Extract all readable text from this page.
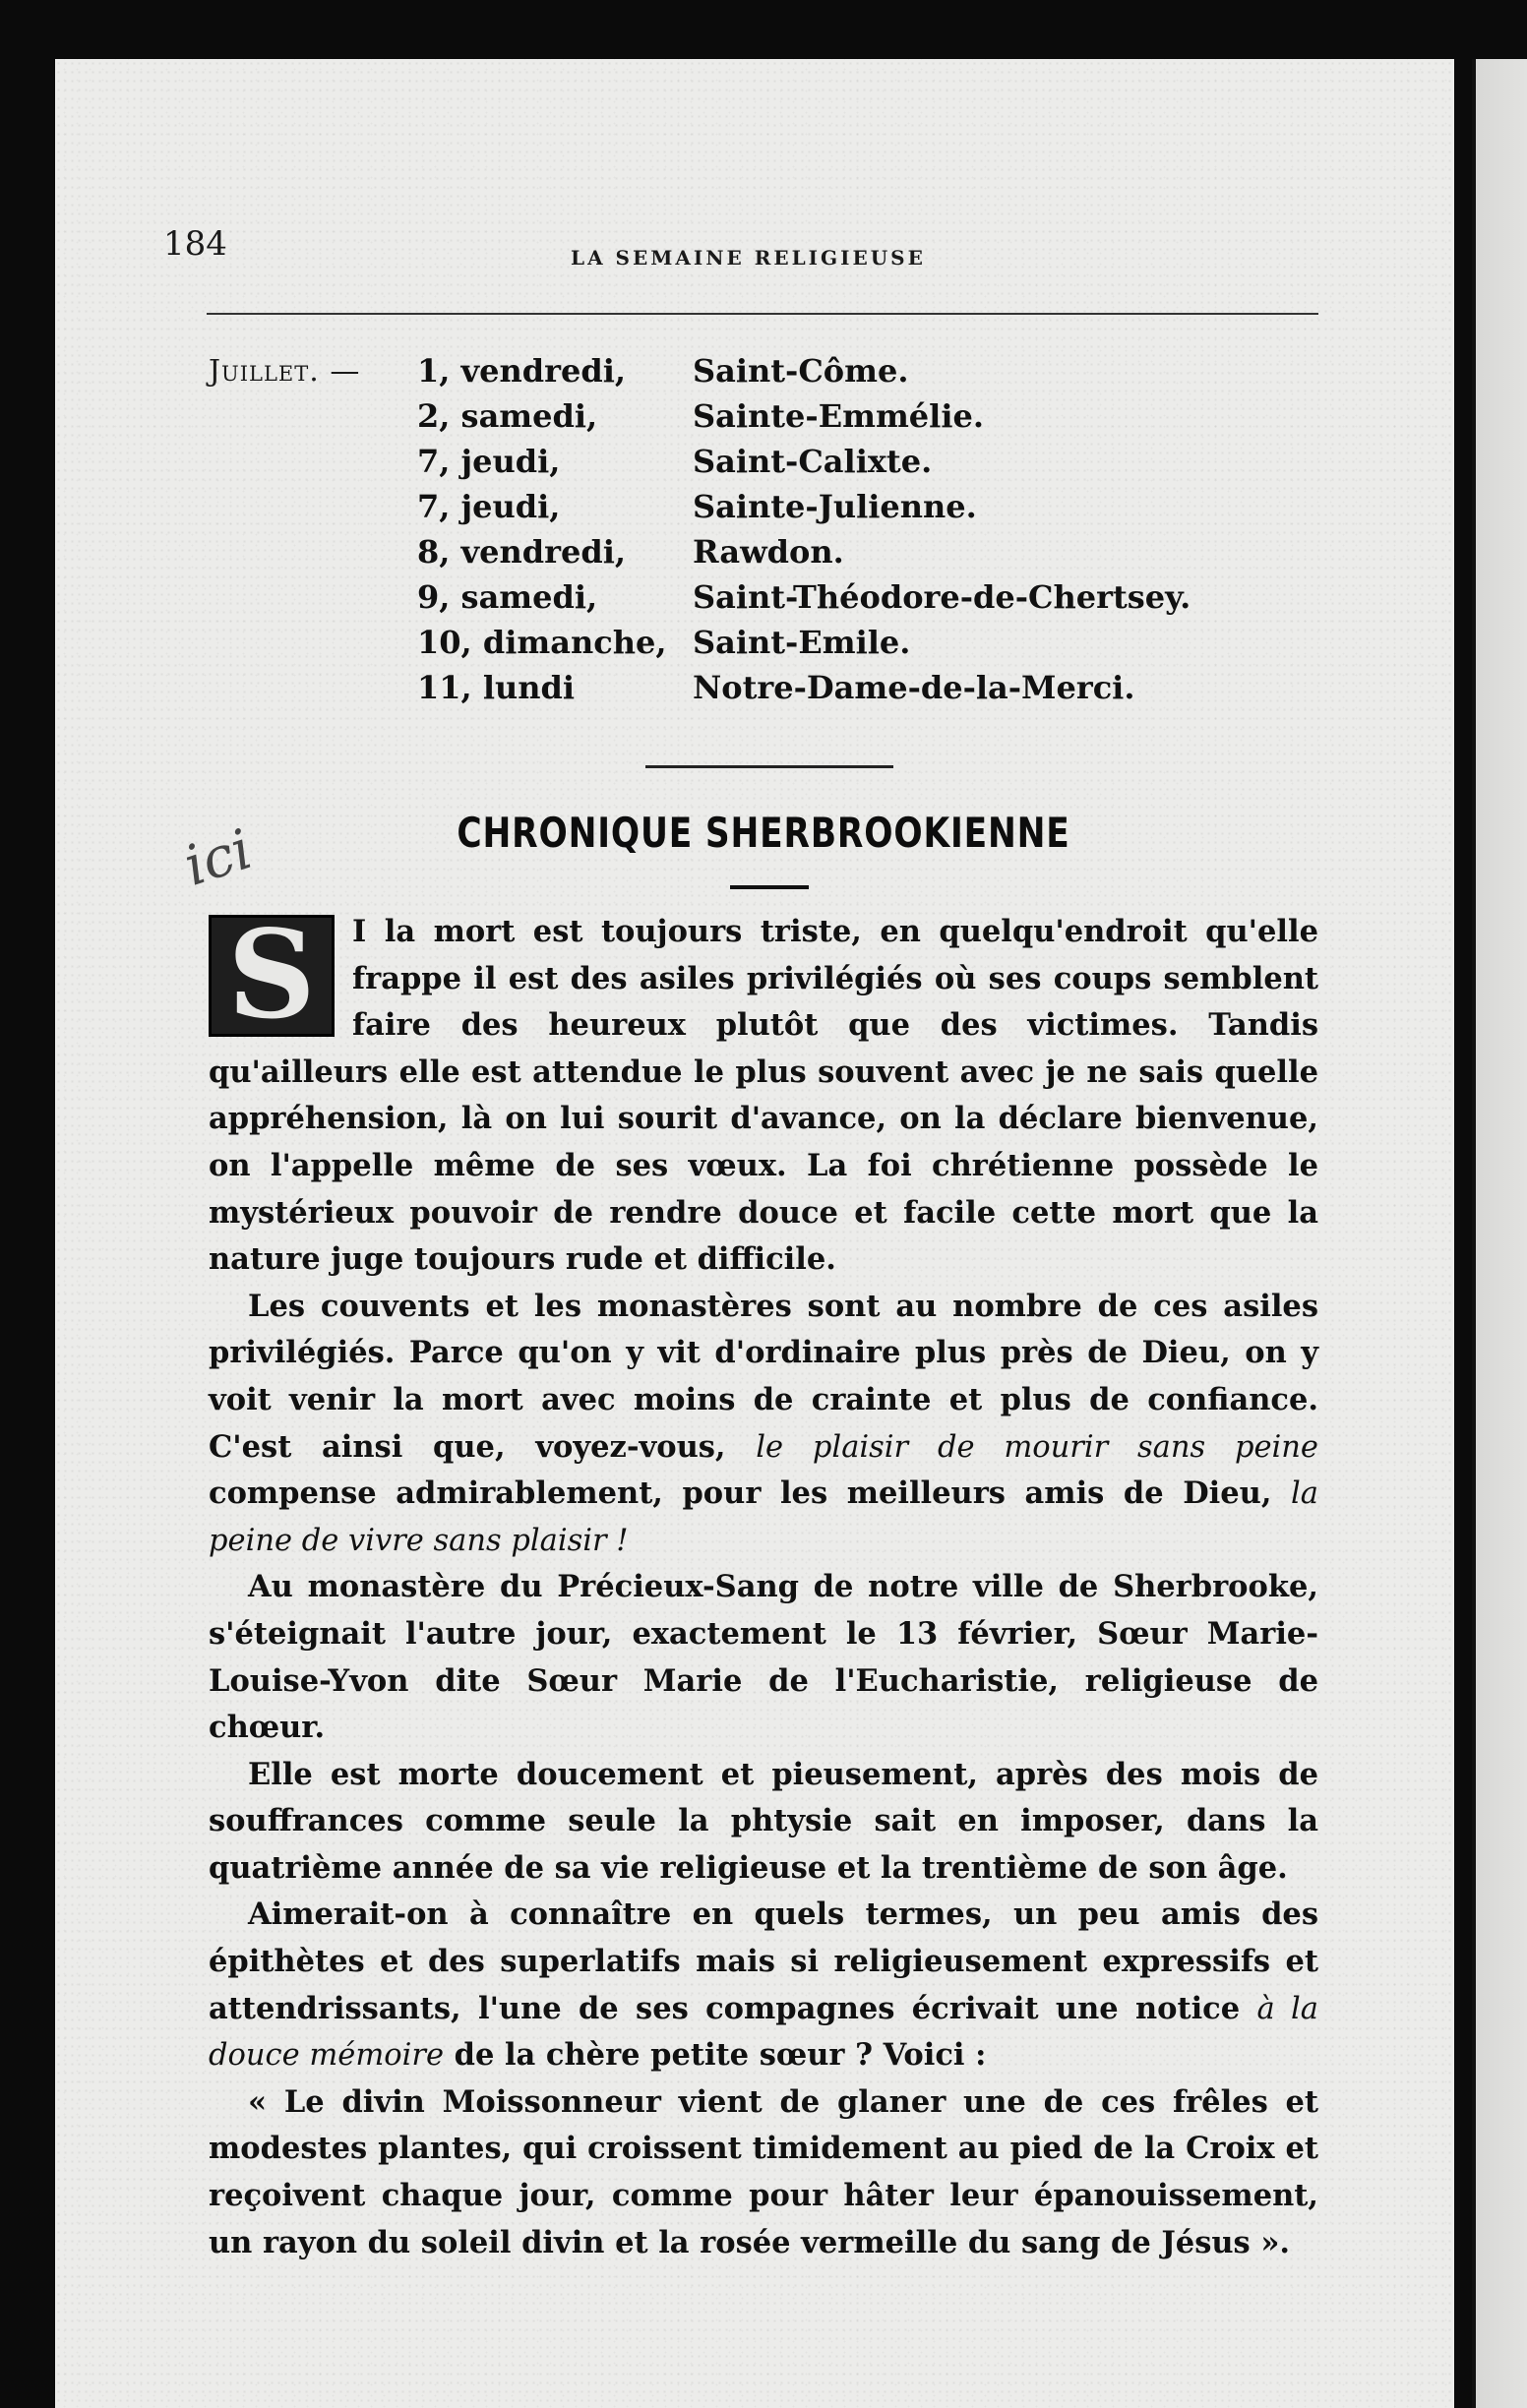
184	LA SEMAINE RELIGIEUSE
Juillet. — 1, vendredi,	Saint-Côme.
2, samedi,	Sainte-Emmélie.
7, jeudi,	Saint-Calixte.
7, jeudi,	Sainte-Julienne.
8, vendredi,	Rawdon.
9, samedi,	Saint-Théodore-de-Chertsey.
10, dimanche, Saint-Emile.
11, lundi	Notre-Dame-de-la-Merci.
ici	CHRONIQUE SHERBROOKIENNE

I la mort est toujours triste, en quelqu'endroit qu'elle frappe il est des asiles privilégiés où ses coups semblent faire des heureux plutôt que des victimes. Tandis qu'ailleurs elle est attendue le plus souvent avec je ne sais quelle appréhension, là on lui sourit d'avance, on la déclare bienvenue, on l'appelle même de ses vœux. La foi chrétienne possède le mystérieux pouvoir de rendre douce et facile cette mort que la nature juge toujours rude et difficile.

Les couvents et les monastères sont au nombre de ces asiles privilégiés. Parce qu'on y vit d'ordinaire plus près de Dieu, on y voit venir la mort avec moins de crainte et plus de confiance. C'est ainsi que, voyez-vous, le plaisir de mourir sans peine compense admirablement, pour les meilleurs amis de Dieu, la peine de vivre sans plaisir !

Au monastère du Précieux-Sang de notre ville de Sherbrooke, s'éteignait l'autre jour, exactement le 13 février, Sœur Marie-Louise-Yvon dite Sœur Marie de l'Eucharistie, religieuse de chœur.

Elle est morte doucement et pieusement, après des mois de souffrances comme seule la phtysie sait en imposer, dans la quatrième année de sa vie religieuse et la trentième de son âge.

Aimerait-on à connaître en quels termes, un peu amis des épithètes et des superlatifs mais si religieusement expressifs et attendrissants, l'une de ses compagnes écrivait une notice à la douce mémoire de la chère petite sœur ? Voici :

« Le divin Moissonneur vient de glaner une de ces frêles et modestes plantes, qui croissent timidement au pied de la Croix et reçoivent chaque jour, comme pour hâter leur épanouissement, un rayon du soleil divin et la rosée vermeille du sang de Jésus ».

S
